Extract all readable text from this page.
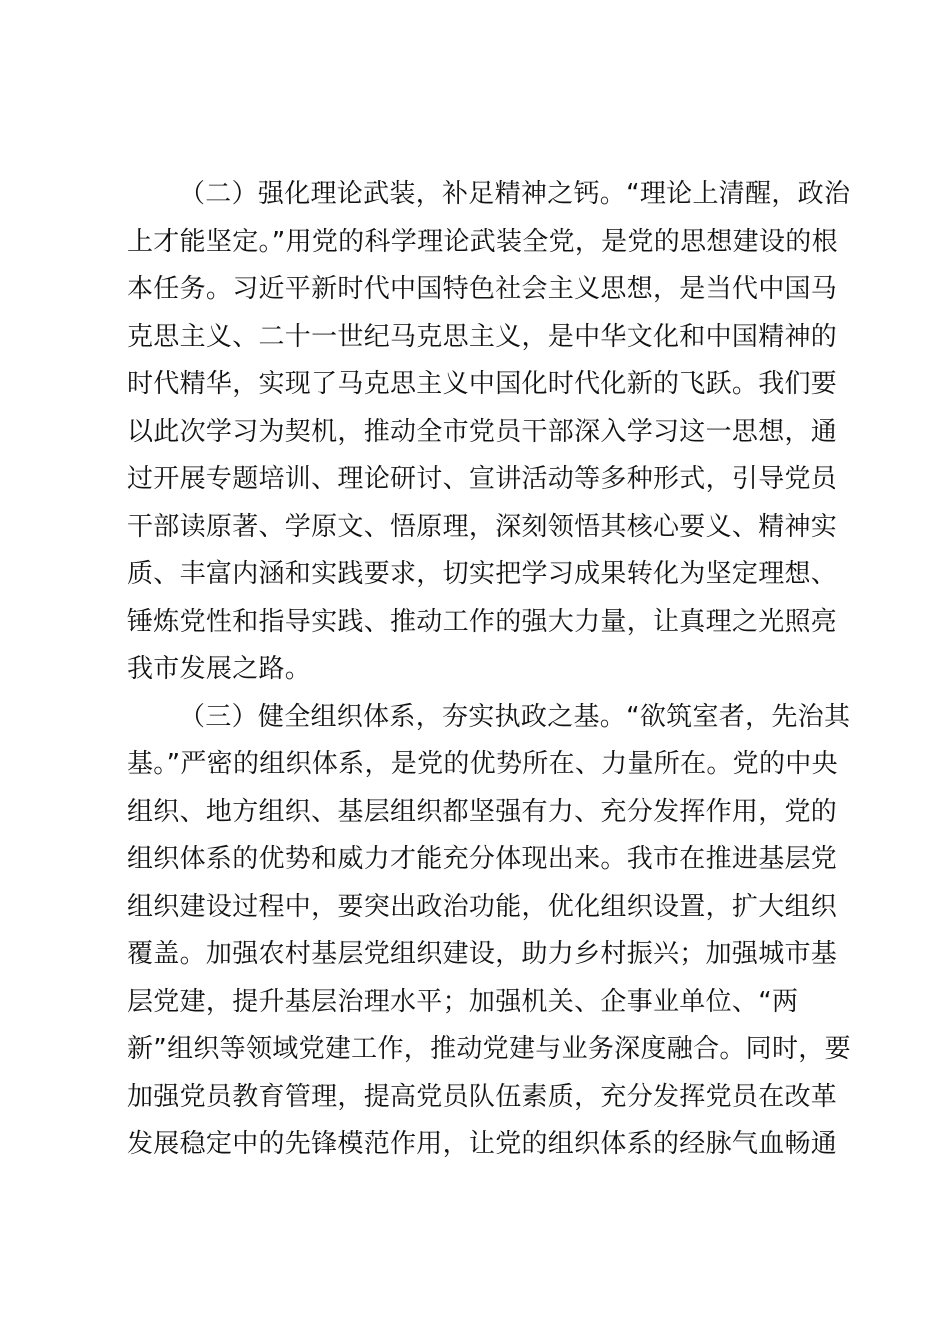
（二）强化理论武装，补足精神之钙。“理论上清醒，政治
上才能坚定。”用党的科学理论武装全党，是党的思想建设的根
本任务。习近平新时代中国特色社会主义思想，是当代中国马
克思主义、二十一世纪马克思主义，是中华文化和中国精神的
时代精华，实现了马克思主义中国化时代化新的飞跃。我们要
以此次学习为契机，推动全市党员干部深入学习这一思想，通
过开展专题培训、理论研讨、宣讲活动等多种形式，引导党员
干部读原著、学原文、悟原理，深刻领悟其核心要义、精神实
质、丰富内涵和实践要求，切实把学习成果转化为坚定理想、
锤炼党性和指导实践、推动工作的强大力量，让真理之光照亮
我市发展之路。
（三）健全组织体系，夯实执政之基。“欲筑室者，先治其
基。”严密的组织体系，是党的优势所在、力量所在。党的中央
组织、地方组织、基层组织都坚强有力、充分发挥作用，党的
组织体系的优势和威力才能充分体现出来。我市在推进基层党
组织建设过程中，要突出政治功能，优化组织设置，扩大组织
覆盖。加强农村基层党组织建设，助力乡村振兴；加强城市基
层党建，提升基层治理水平；加强机关、企事业单位、“两
新”组织等领域党建工作，推动党建与业务深度融合。同时，要
加强党员教育管理，提高党员队伍素质，充分发挥党员在改革
发展稳定中的先锋模范作用，让党的组织体系的经脉气血畅通
